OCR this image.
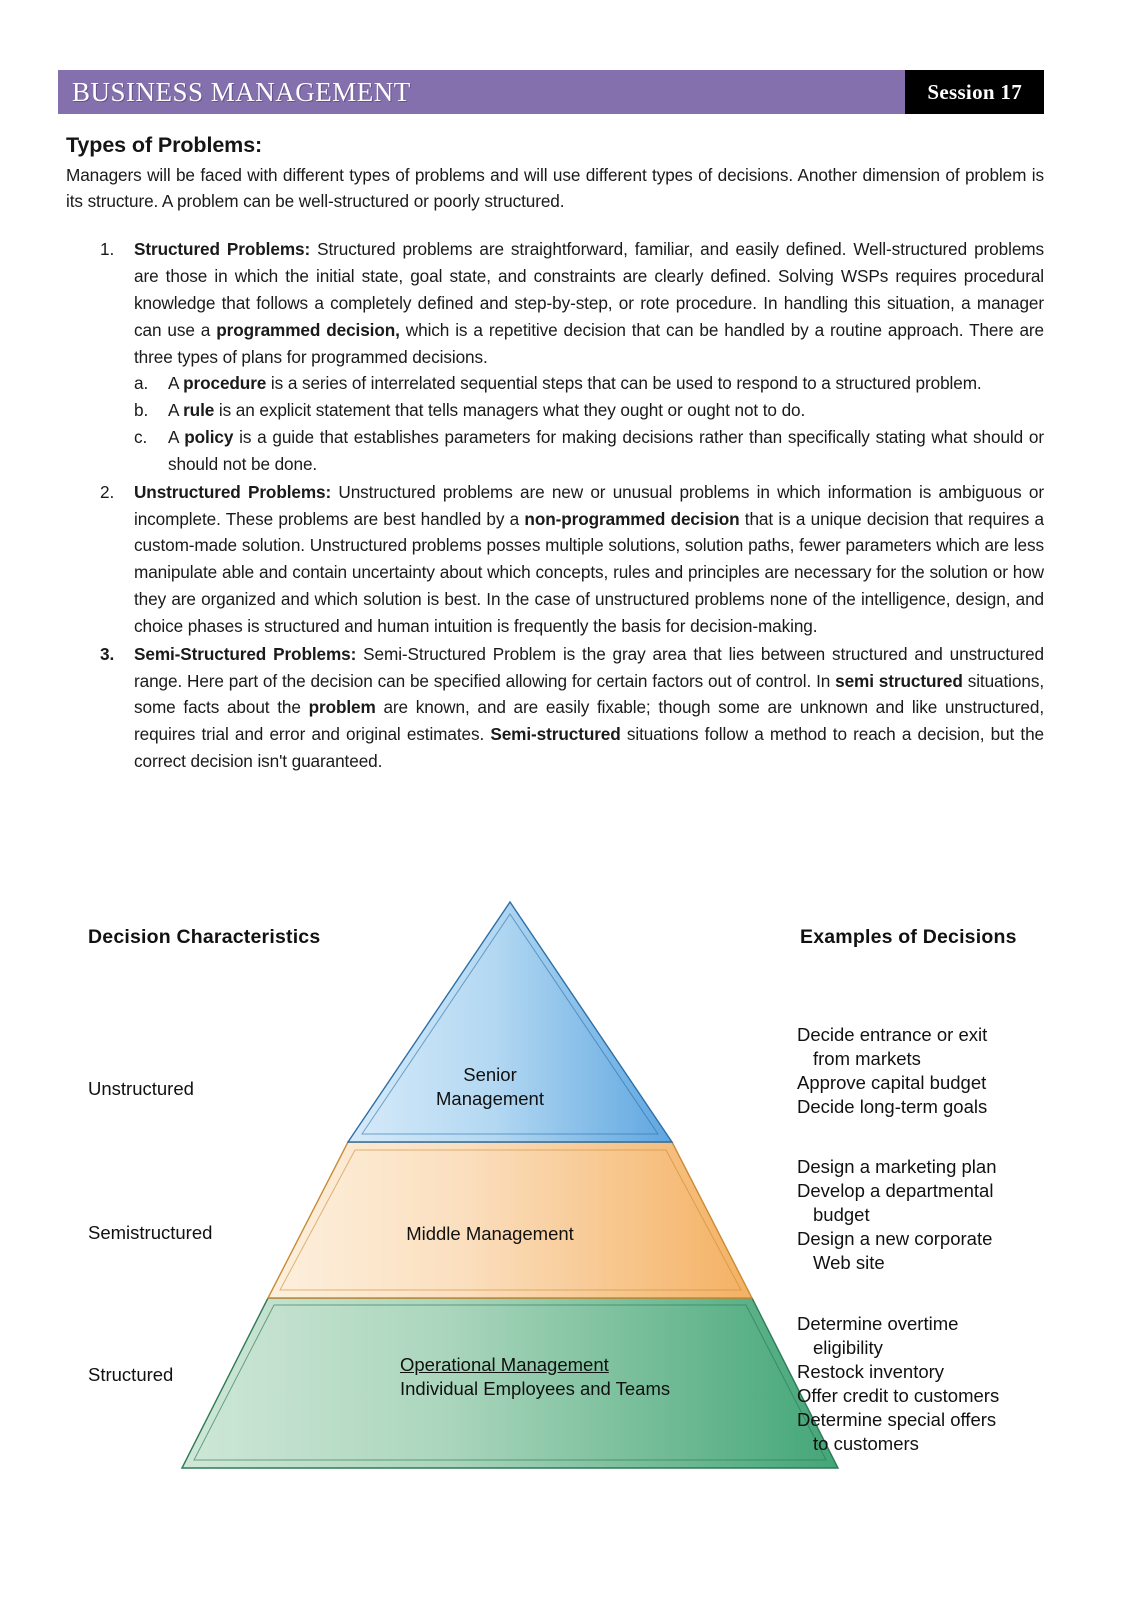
BUSINESS MANAGEMENT	Session 17
Types of Problems:

Managers will be faced with different types of problems and will use different types of decisions. Another dimension of problem is its structure. A problem can be well-structured or poorly structured.

1.	Structured Problems: Structured problems are straightforward, familiar, and easily defined. Well-structured problems are those in which the initial state, goal state, and constraints are clearly defined. Solving WSPs requires procedural knowledge that follows a completely defined and step-by-step, or rote procedure. In handling this situation, a manager can use a programmed decision, which is a repetitive decision that can be handled by a routine approach. There are three types of plans for programmed decisions.
a.	A procedure is a series of interrelated sequential steps that can be used to respond to a structured problem.
b.	A rule is an explicit statement that tells managers what they ought or ought not to do.
c.	A policy is a guide that establishes parameters for making decisions rather than specifically stating what should or should not be done.
2.	Unstructured Problems: Unstructured problems are new or unusual problems in which information is ambiguous or incomplete. These problems are best handled by a non-programmed decision that is a unique decision that requires a custom-made solution. Unstructured problems posses multiple solutions, solution paths, fewer parameters which are less manipulate able and contain uncertainty about which concepts, rules and principles are necessary for the solution or how they are organized and which solution is best. In the case of unstructured problems none of the intelligence, design, and choice phases is structured and human intuition is frequently the basis for decision-making.
3.	Semi-Structured Problems: Semi-Structured Problem is the gray area that lies between structured and unstructured range. Here part of the decision can be specified allowing for certain factors out of control. In semi structured situations, some facts about the problem are known, and are easily fixable; though some are unknown and like unstructured, requires trial and error and original estimates. Semi-structured situations follow a method to reach a decision, but the correct decision isn't guaranteed.
Decision Characteristics	Examples of Decisions
Senior
Management
Middle Management
Operational Management
Individual Employees and Teams
Unstructured
Semistructured
Structured
Decide entrance or exit
from markets
Approve capital budget
Decide long-term goals
Design a marketing plan
Develop a departmental
budget
Design a new corporate
Web site
Determine overtime
eligibility
Restock inventory
Offer credit to customers
Determine special offers
to customers
